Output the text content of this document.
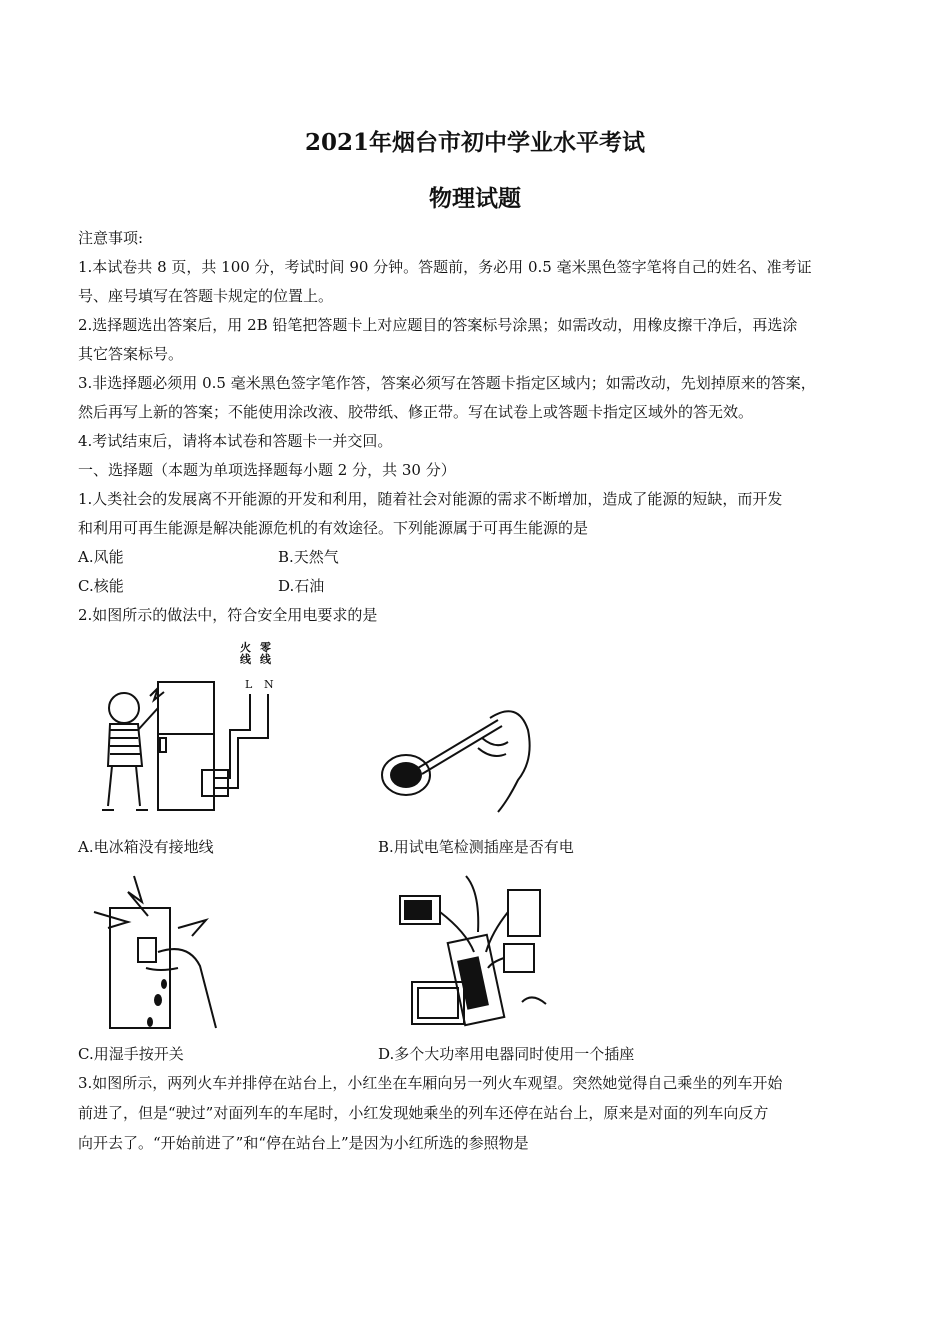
2021年烟台市初中学业水平考试
物理试题
注意事项:
1.本试卷共 8 页，共 100 分，考试时间 90 分钟。答题前，务必用 0.5 毫米黑色签字笔将自己的姓名、准考证
号、座号填写在答题卡规定的位置上。
2.选择题选出答案后，用 2B 铅笔把答题卡上对应题目的答案标号涂黑；如需改动，用橡皮擦干净后，再选涂
其它答案标号。
3.非选择题必须用 0.5 毫米黑色签字笔作答，答案必须写在答题卡指定区域内；如需改动，先划掉原来的答案，
然后再写上新的答案；不能使用涂改液、胶带纸、修正带。写在试卷上或答题卡指定区域外的答无效。
4.考试结束后，请将本试卷和答题卡一并交回。
一、选择题（本题为单项选择题每小题 2 分，共 30 分）
1.人类社会的发展离不开能源的开发和利用，随着社会对能源的需求不断增加，造成了能源的短缺，而开发
和利用可再生能源是解决能源危机的有效途径。下列能源属于可再生能源的是
A.风能	B.天然气
C.核能	D.石油
2.如图所示的做法中，符合安全用电要求的是
火线
零线
L N
A.电冰箱没有接地线	B.用试电笔检测插座是否有电
C.用湿手按开关	D.多个大功率用电器同时使用一个插座
3.如图所示，两列火车并排停在站台上，小红坐在车厢向另一列火车观望。突然她觉得自己乘坐的列车开始
前进了，但是“驶过”对面列车的车尾时，小红发现她乘坐的列车还停在站台上，原来是对面的列车向反方
向开去了。“开始前进了”和“停在站台上”是因为小红所选的参照物是
